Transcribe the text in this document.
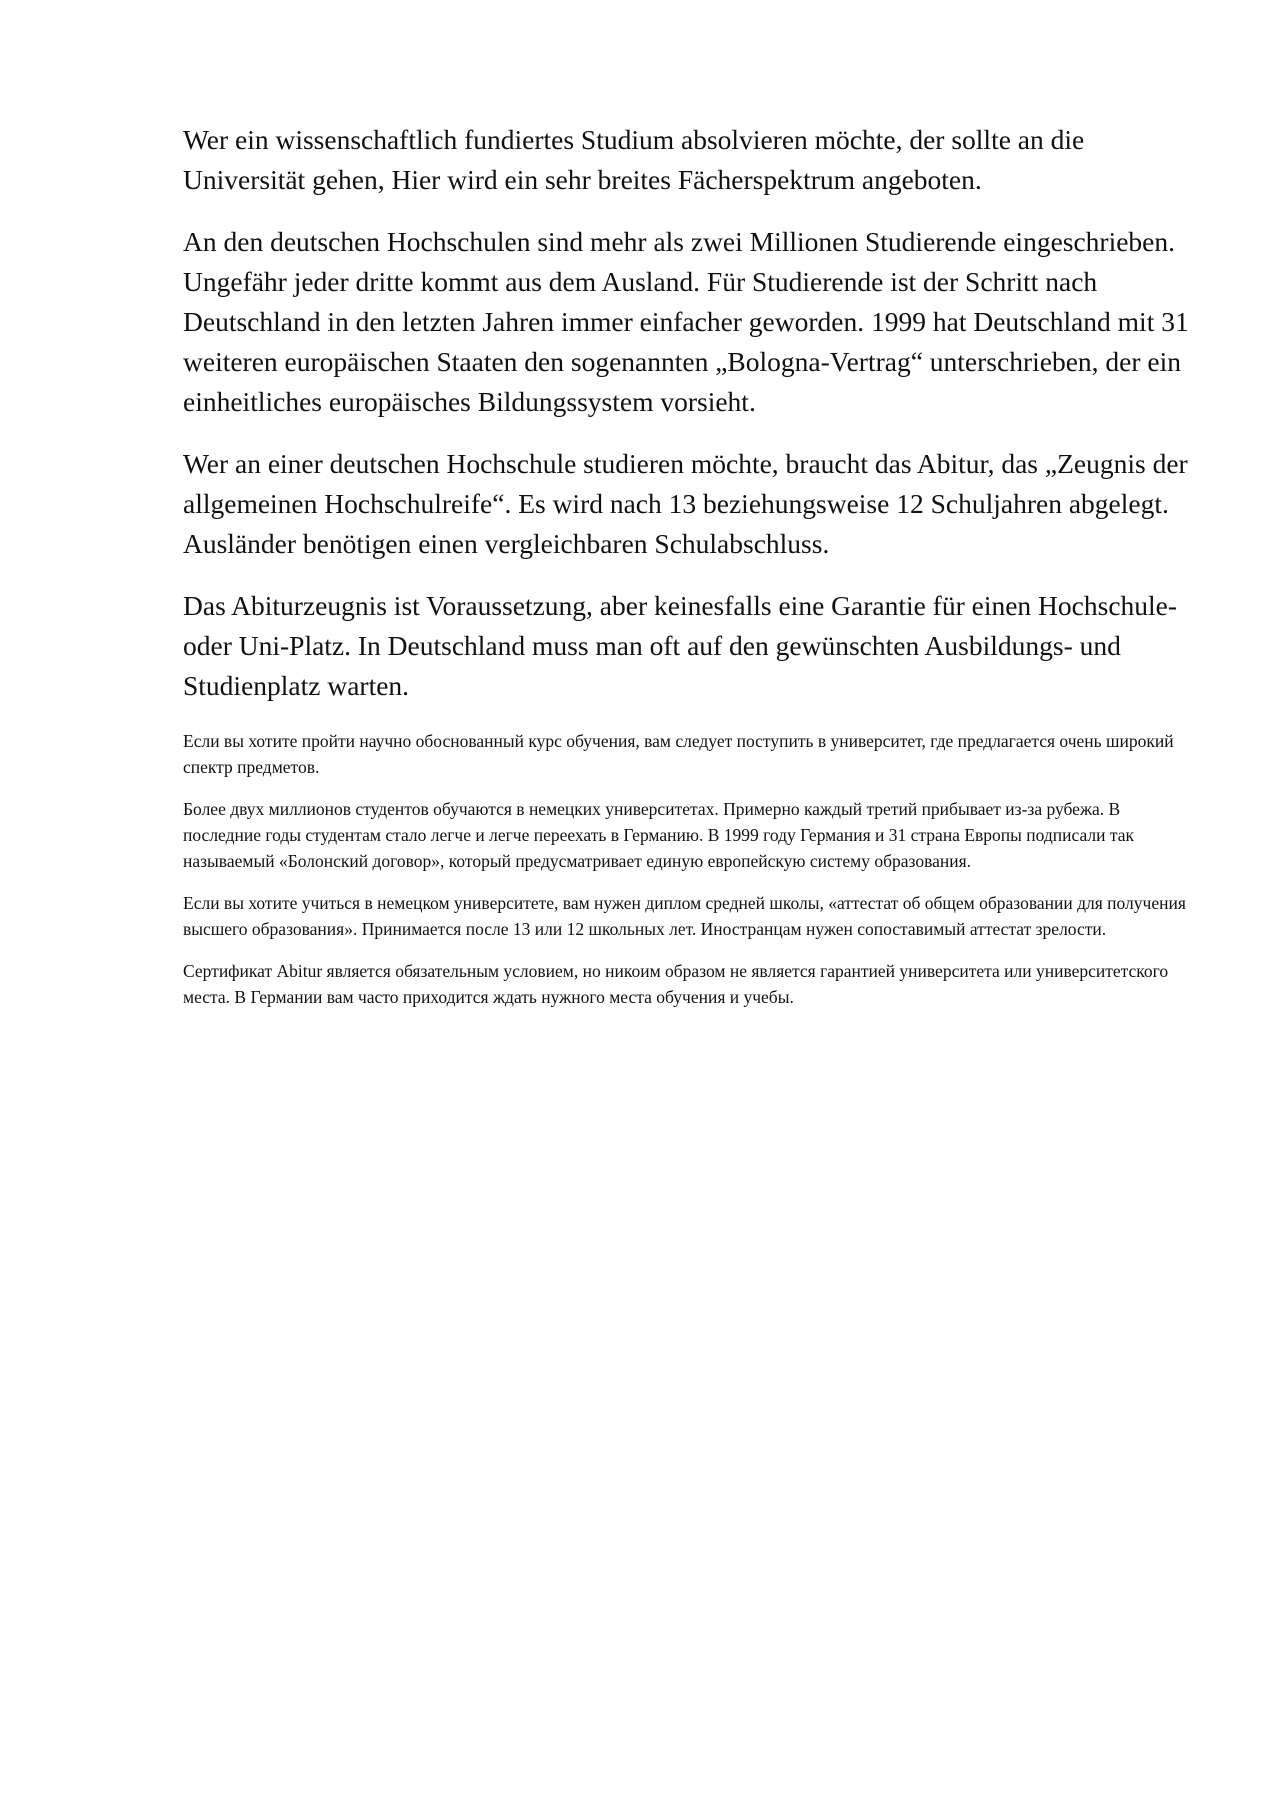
Wer ein wissenschaftlich fundiertes Studium absolvieren möchte, der sollte an die Universität gehen, Hier wird ein sehr breites Fächerspektrum angeboten.

An den deutschen Hochschulen sind mehr als zwei Millionen Studierende eingeschrieben. Ungefähr jeder dritte kommt aus dem Ausland. Für Studierende ist der Schritt nach Deutschland in den letzten Jahren immer einfacher geworden. 1999 hat Deutschland mit 31 weiteren europäischen Staaten den sogenannten „Bologna-Vertrag“ unterschrieben, der ein einheitliches europäisches Bildungssystem vorsieht.

Wer an einer deutschen Hochschule studieren möchte, braucht das Abitur, das „Zeugnis der allgemeinen Hochschulreife“. Es wird nach 13 beziehungsweise 12 Schuljahren abgelegt. Ausländer benötigen einen vergleichbaren Schulabschluss.

Das Abiturzeugnis ist Voraussetzung, aber keinesfalls eine Garantie für einen Hochschule- oder Uni-Platz. In Deutschland muss man oft auf den gewünschten Ausbildungs- und Studienplatz warten.

Если вы хотите пройти научно обоснованный курс обучения, вам следует поступить в университет, где предлагается очень широкий спектр предметов.

Более двух миллионов студентов обучаются в немецких университетах. Примерно каждый третий прибывает из-за рубежа. В последние годы студентам стало легче и легче переехать в Германию. В 1999 году Германия и 31 страна Европы подписали так называемый «Болонский договор», который предусматривает единую европейскую систему образования.

Если вы хотите учиться в немецком университете, вам нужен диплом средней школы, «аттестат об общем образовании для получения высшего образования». Принимается после 13 или 12 школьных лет. Иностранцам нужен сопоставимый аттестат зрелости.

Сертификат Abitur является обязательным условием, но никоим образом не является гарантией университета или университетского места. В Германии вам часто приходится ждать нужного места обучения и учебы.
